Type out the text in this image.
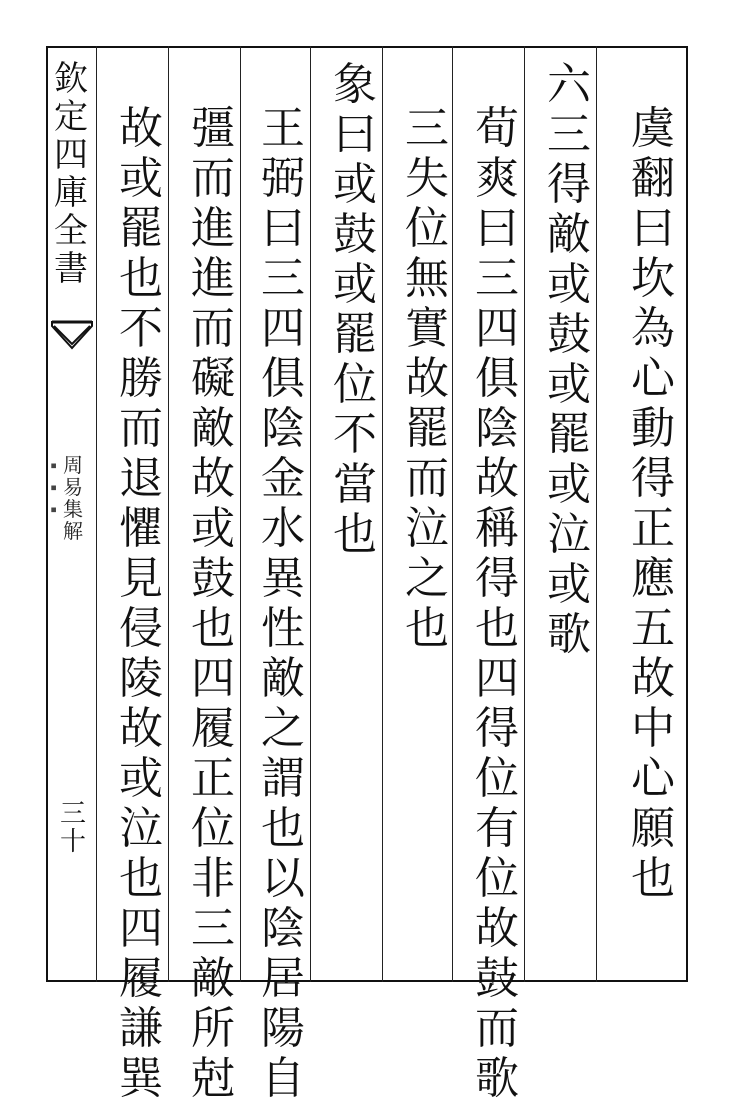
欽定四庫全書
▪
▪
▪
周易集解
三十
虞翻曰坎為心動得正應五故中心願也
六三得敵或鼓或罷或泣或歌
荀爽曰三四俱陰故稱得也四得位有位故鼓而歌
三失位無實故罷而泣之也
象曰或鼓或罷位不當也
王弼曰三四俱陰金水異性敵之謂也以陰居陽自
彊而進進而礙敵故或鼓也四履正位非三敵所尅
故或罷也不勝而退懼見侵陵故或泣也四履謙巽
